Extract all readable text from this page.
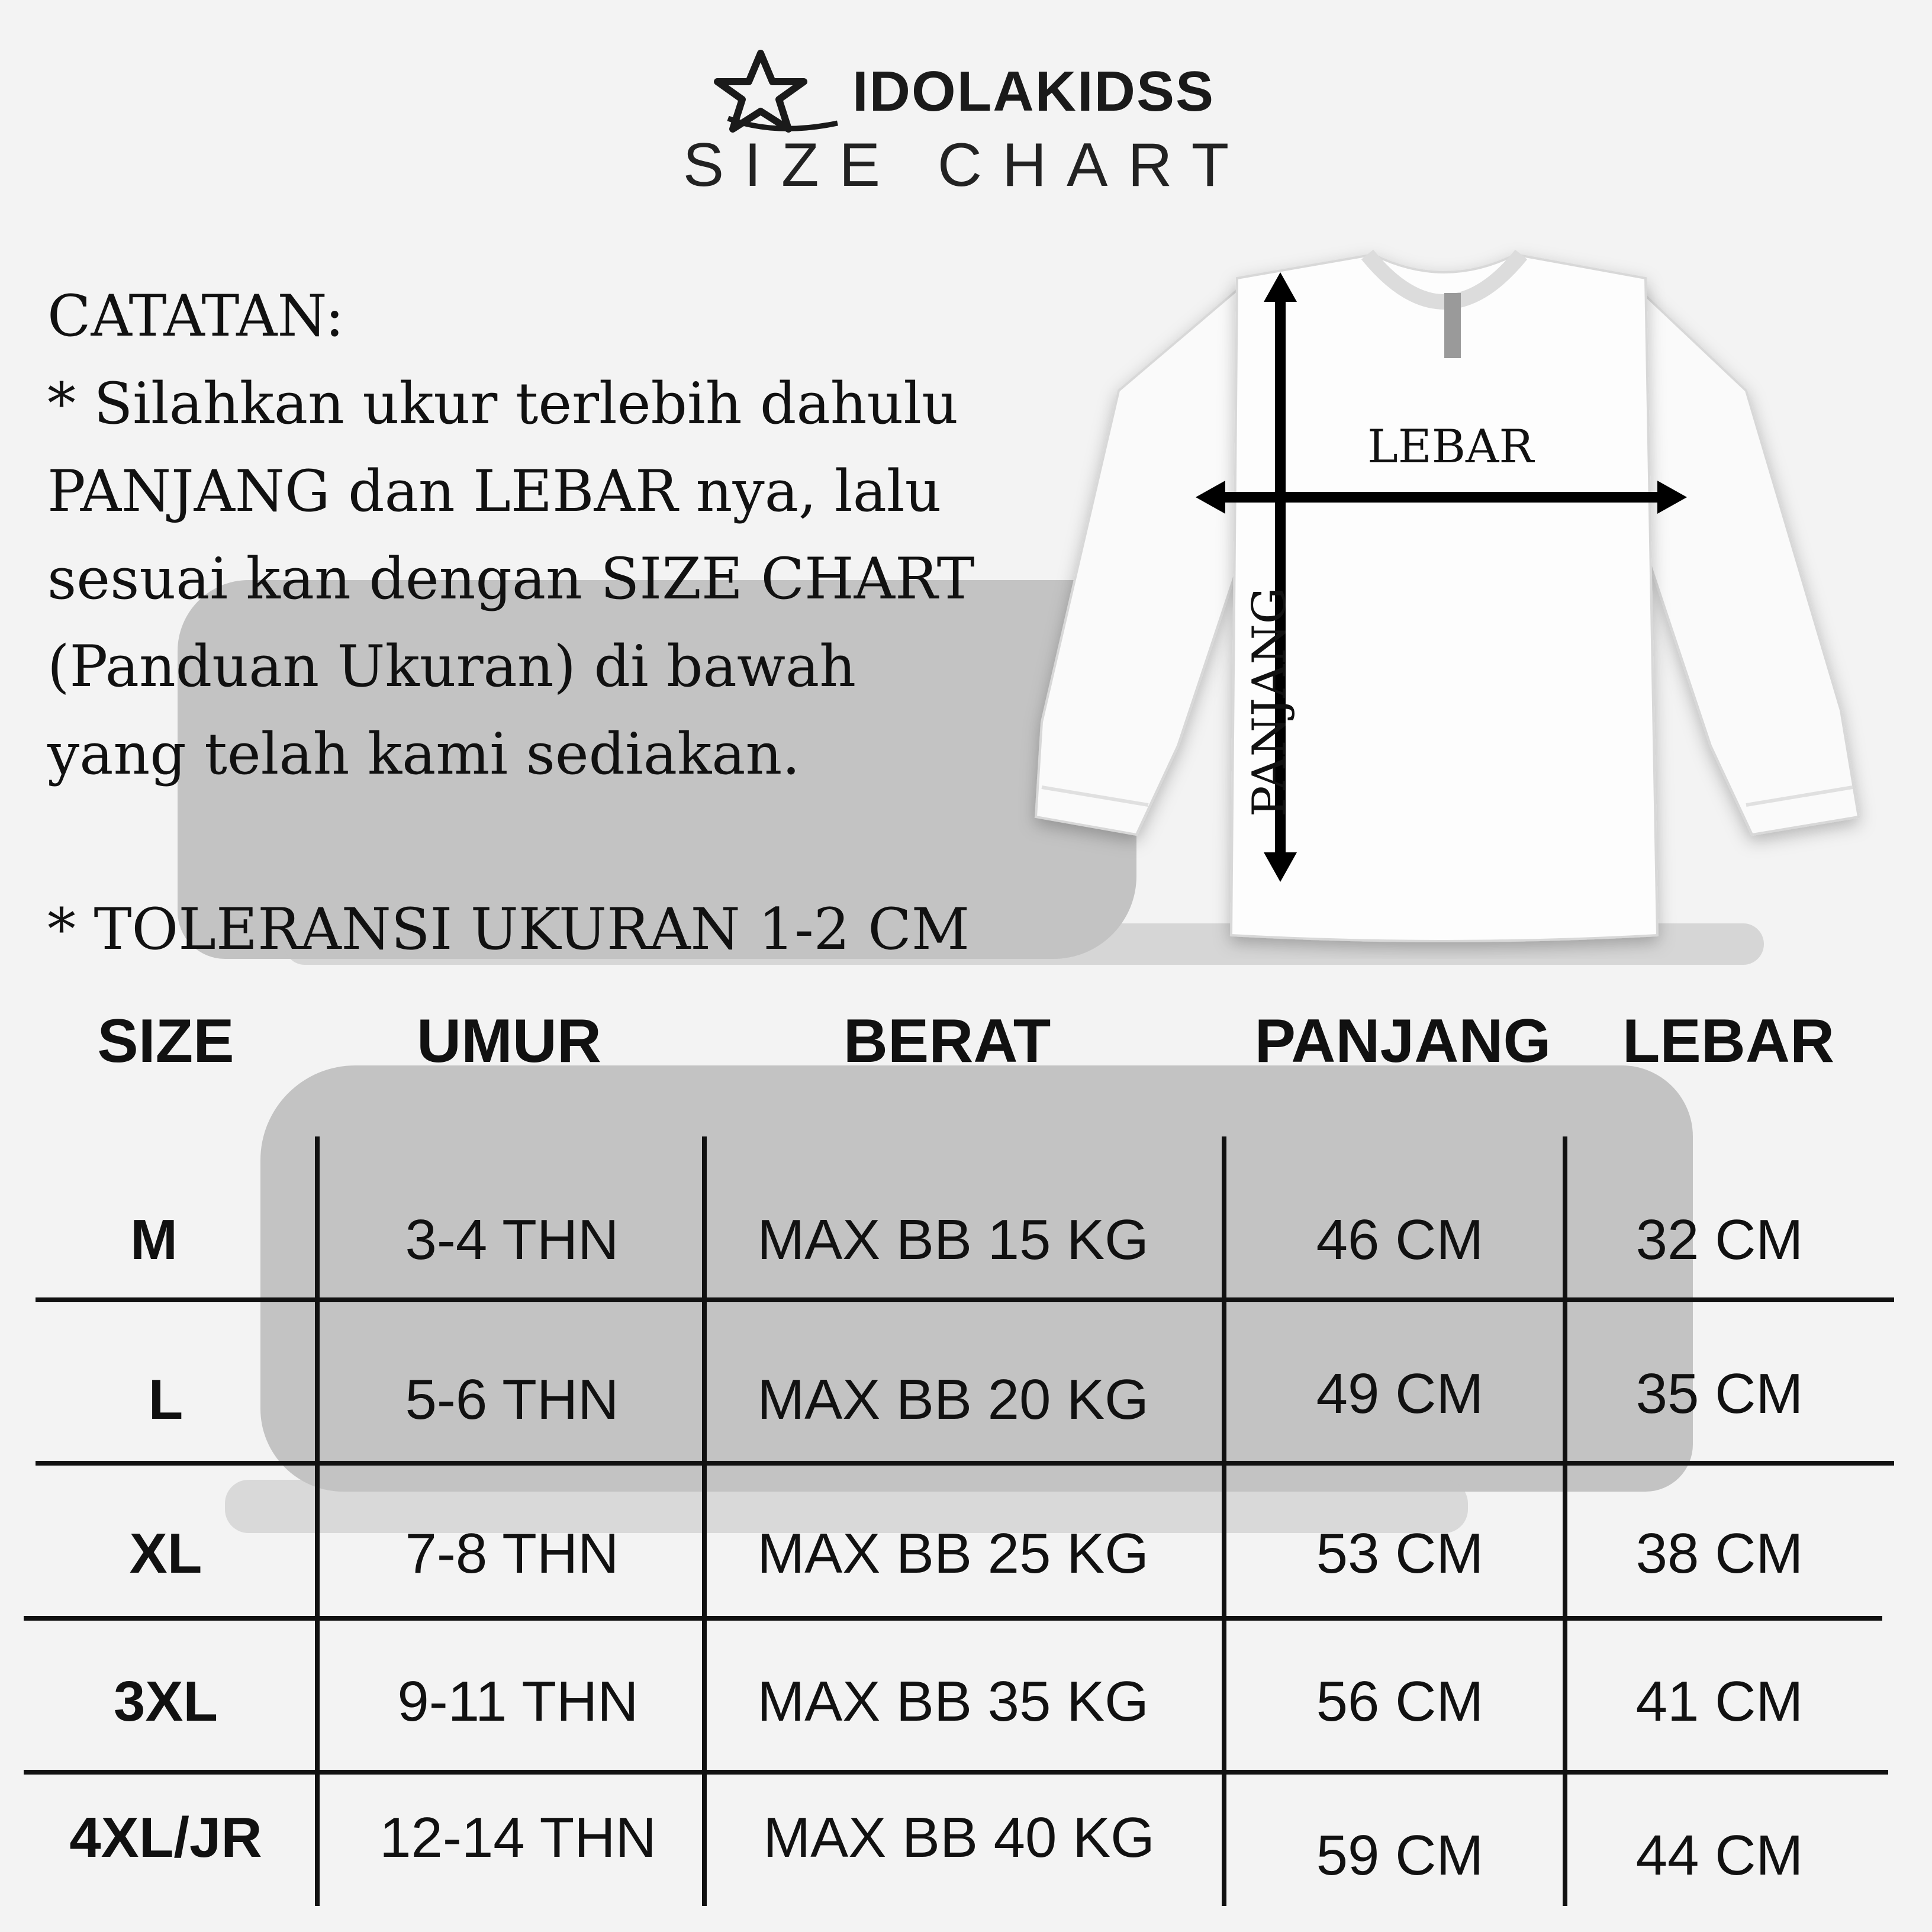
IDOLAKIDSS
SIZE CHART

CATATAN:

* Silahkan ukur terlebih dahulu

PANJANG dan LEBAR nya, lalu

sesuai kan dengan SIZE CHART

(Panduan Ukuran) di bawah

yang telah kami sediakan.

* TOLERANSI UKURAN 1-2 CM

LEBAR
PANJANG
SIZE	UMUR	BERAT	PANJANG	LEBAR
M	3-4 THN	MAX BB 15 KG	46 CM	32 CM
L	5-6 THN	MAX BB 20 KG	49 CM	35 CM
XL	7-8 THN	MAX BB 25 KG	53 CM	38 CM
3XL	9-11 THN	MAX BB 35 KG	56 CM	41 CM
4XL/JR	12-14 THN	MAX BB 40 KG	59 CM	44 CM
